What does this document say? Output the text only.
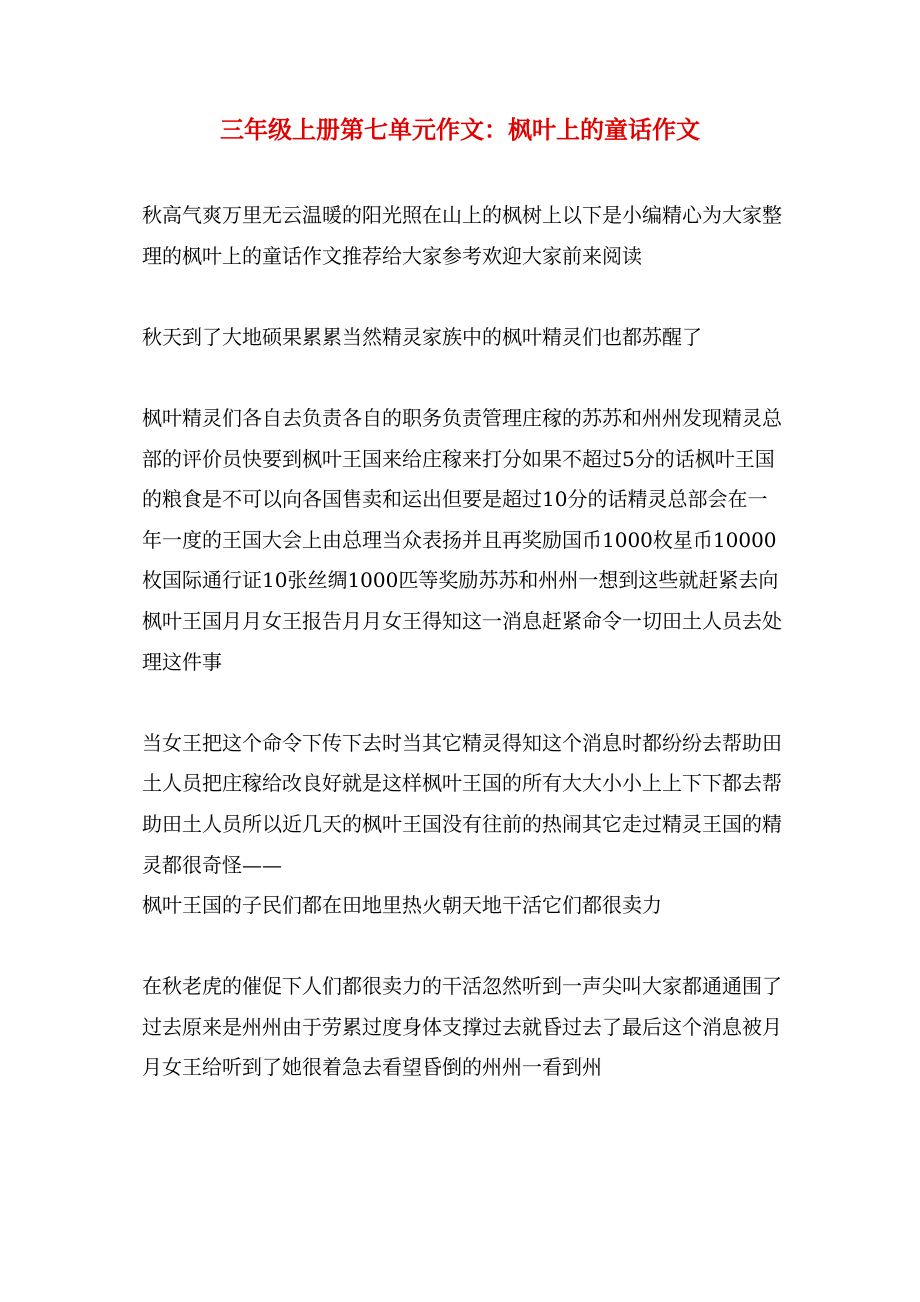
三年级上册第七单元作文：枫叶上的童话作文

秋高气爽万里无云温暖的阳光照在山上的枫树上以下是小编精心为大家整理的枫叶上的童话作文推荐给大家参考欢迎大家前来阅读

秋天到了大地硕果累累当然精灵家族中的枫叶精灵们也都苏醒了

枫叶精灵们各自去负责各自的职务负责管理庄稼的苏苏和州州发现精灵总部的评价员快要到枫叶王国来给庄稼来打分如果不超过5分的话枫叶王国的粮食是不可以向各国售卖和运出但要是超过10分的话精灵总部会在一年一度的王国大会上由总理当众表扬并且再奖励国币1000枚星币10000枚国际通行证10张丝绸1000匹等奖励苏苏和州州一想到这些就赶紧去向枫叶王国月月女王报告月月女王得知这一消息赶紧命令一切田土人员去处理这件事

当女王把这个命令下传下去时当其它精灵得知这个消息时都纷纷去帮助田土人员把庄稼给改良好就是这样枫叶王国的所有大大小小上上下下都去帮助田土人员所以近几天的枫叶王国没有往前的热闹其它走过精灵王国的精灵都很奇怪——

枫叶王国的子民们都在田地里热火朝天地干活它们都很卖力

在秋老虎的催促下人们都很卖力的干活忽然听到一声尖叫大家都通通围了过去原来是州州由于劳累过度身体支撑过去就昏过去了最后这个消息被月月女王给听到了她很着急去看望昏倒的州州一看到州
